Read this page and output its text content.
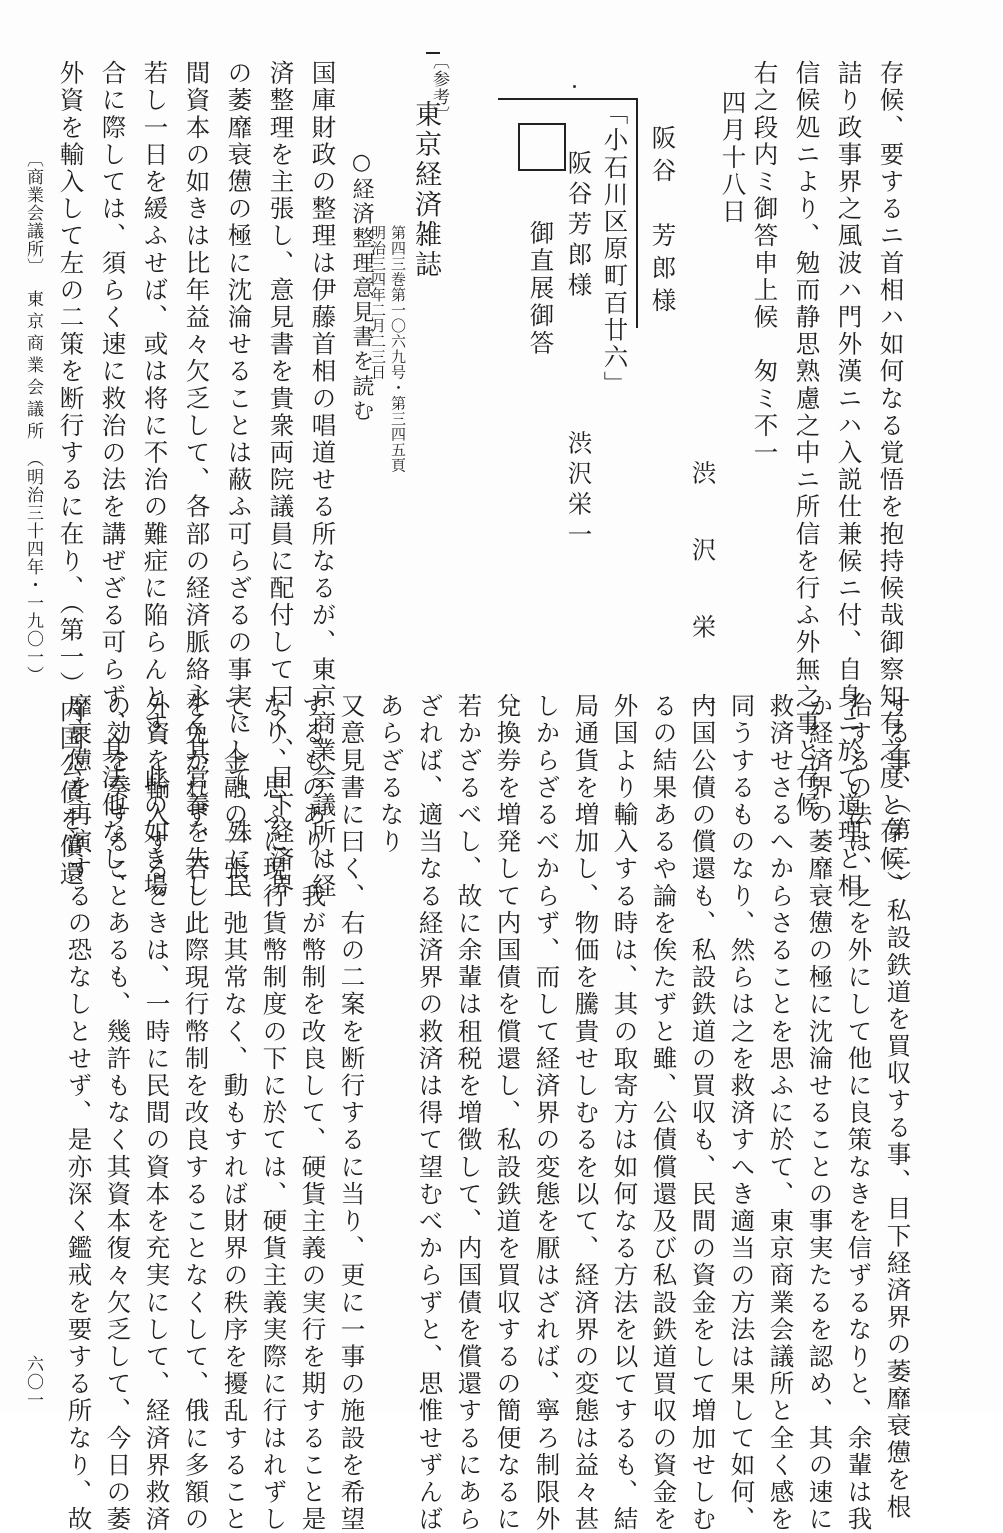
存候、要するニ首相ハ如何なる覚悟を抱持候哉御察知有之度と存候、
詰り政事界之風波ハ門外漢ニハ入説仕兼候ニ付、自身ニ於て道理と相
信候処ニより、勉而静思熟慮之中ニ所信を行ふ外無之事と存候
右之段内ミ御答申上候　匆ミ不一
四月十八日
渋　沢　栄　一
阪谷　芳郎様
「小石川区原町百廿六」
阪谷芳郎様
御直展御答
渋沢栄一
〔参考〕
東京経済雑誌
第四三巻第一〇六九号・第三四五頁
明治三四年二月二三日
○経済整理意見書を読む
国庫財政の整理は伊藤首相の唱道せる所なるが、東京商業会議所は経
済整理を主張し、意見書を貴衆両院議員に配付して曰く、目下経済界
の萎靡衰憊の極に沈淪せることは蔽ふ可らざるの事実にして、殊に民
間資本の如きは比年益々欠乏して、各部の経済脈絡永く其営養を失し
若し一日を緩ふせば、或は将に不治の難症に陥らんとす、此の如き場
合に際しては、須らく速に救治の法を講ぜざる可らず、其法他なし、
外資を輸入して左の二策を断行するに在り、（第一）内国公債を償還
する事、（第二）私設鉄道を買収する事、目下経済界の萎靡衰憊を根
治するの法は、之を外にして他に良策なきを信ずるなりと、余輩は我
か経済界の萎靡衰憊の極に沈淪せることの事実たるを認め、其の速に
救済せさるへからさることを思ふに於て、東京商業会議所と全く感を
同うするものなり、然らは之を救済すへき適当の方法は果して如何、
内国公債の償還も、私設鉄道の買収も、民間の資金をして増加せしむ
るの結果あるや論を俟たずと雖、公債償還及び私設鉄道買収の資金を
外国より輸入する時は、其の取寄方は如何なる方法を以てするも、結
局通貨を増加し、物価を騰貴せしむるを以て、経済界の変態は益々甚
しからざるべからず、而して経済界の変態を厭はざれば、寧ろ制限外
兌換券を増発して内国債を償還し、私設鉄道を買収するの簡便なるに
若かざるべし、故に余輩は租税を増徴して、内国債を償還するにあら
ざれば、適当なる経済界の救済は得て望むべからずと、思惟せずんば
あらざるなり
又意見書に曰く、右の二案を断行するに当り、更に一事の施設を希望
するものあり、我が幣制を改良して、硬貨主義の実行を期すること是
なり、思ふに現行貨幣制度の下に於ては、硬貨主義実際に行はれずし
て、金融の一張一弛其常なく、動もすれば財界の秩序を擾乱すること
を免かれず、若し此際現行幣制を改良することなくして、俄に多額の
外資を輸入するときは、一時に民間の資本を充実にして、経済界救済
の効を奏することあるも、幾許もなく其資本復々欠乏して、今日の萎
靡衰憊を再演するの恐なしとせず、是亦深く鑑戒を要する所なり、故
〔商業会議所〕
東京商業会議所
（明治三十四年・一九〇一）
六〇一
